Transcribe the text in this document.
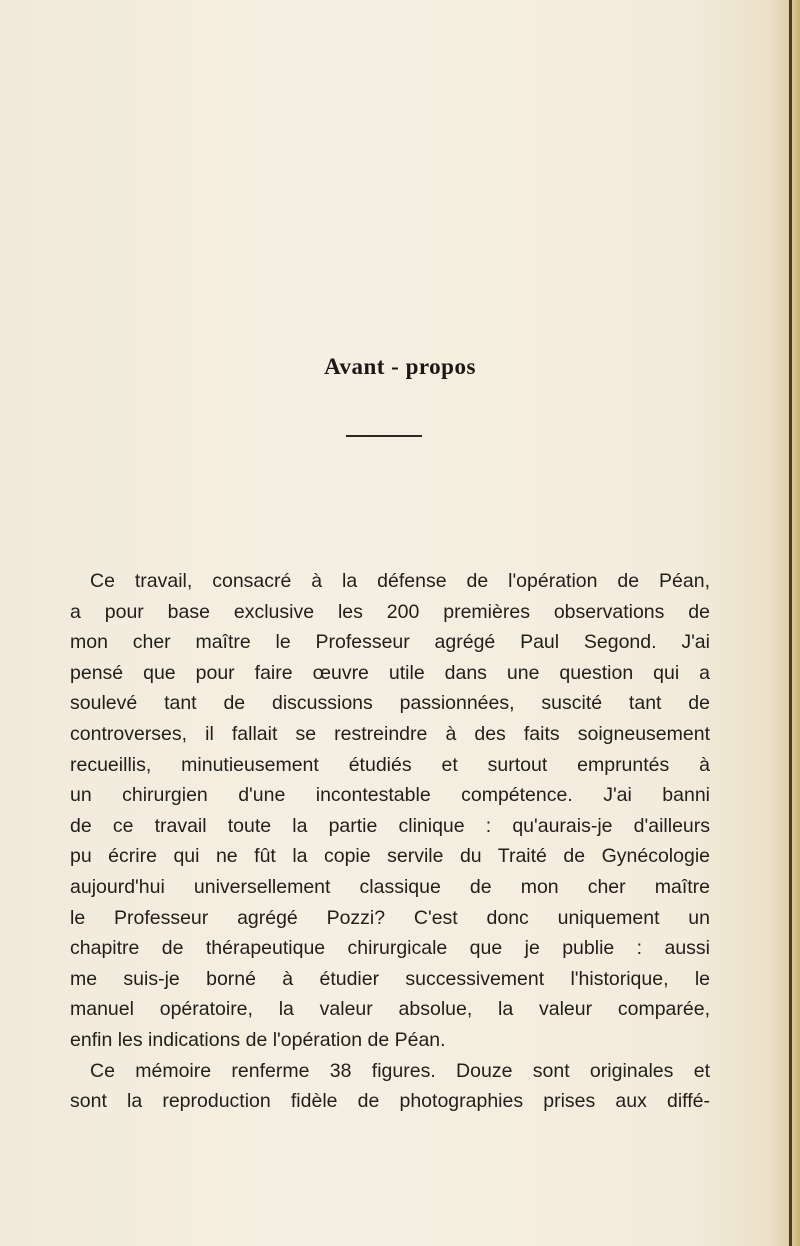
Avant - propos
Ce travail, consacré à la défense de l'opération de Péan,
a pour base exclusive les 200 premières observations de
mon cher maître le Professeur agrégé Paul Segond. J'ai
pensé que pour faire œuvre utile dans une question qui a
soulevé tant de discussions passionnées, suscité tant de
controverses, il fallait se restreindre à des faits soigneusement
recueillis, minutieusement étudiés et surtout empruntés à
un chirurgien d'une incontestable compétence. J'ai banni
de ce travail toute la partie clinique : qu'aurais-je d'ailleurs
pu écrire qui ne fût la copie servile du Traité de Gynécologie
aujourd'hui universellement classique de mon cher maître
le Professeur agrégé Pozzi? C'est donc uniquement un
chapitre de thérapeutique chirurgicale que je publie : aussi
me suis-je borné à étudier successivement l'historique, le
manuel opératoire, la valeur absolue, la valeur comparée,
enfin les indications de l'opération de Péan.
Ce mémoire renferme 38 figures. Douze sont originales et
sont la reproduction fidèle de photographies prises aux diffé-
